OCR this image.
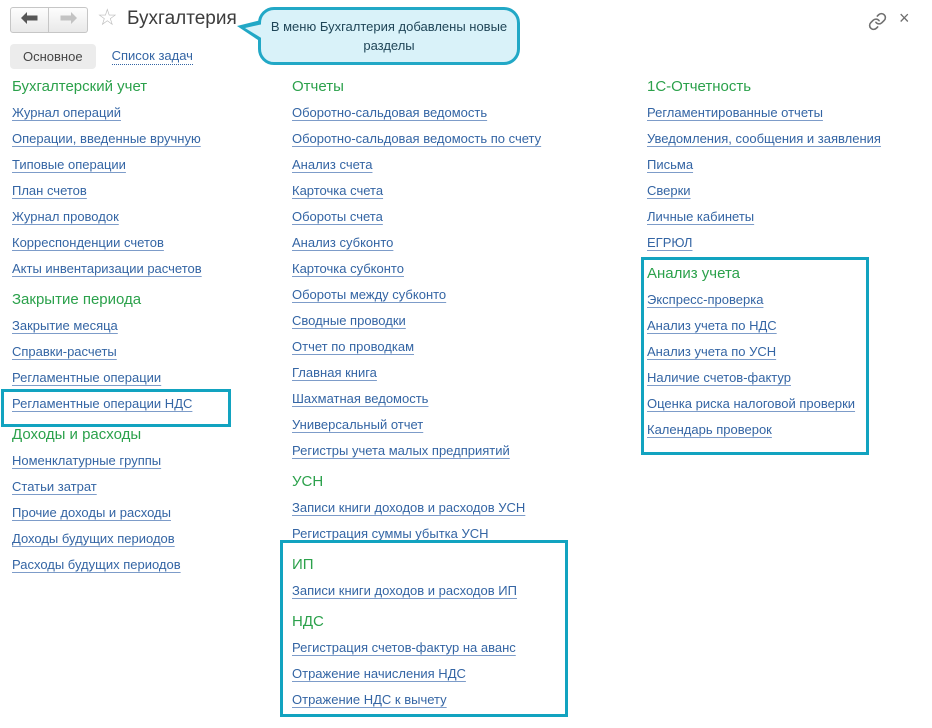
☆ Бухгалтерия	В меню Бухгалтерия добавлены новые разделы
×
Основное	Список задач
Бухгалтерский учет
Журнал операций
Операции, введенные вручную
Типовые операции
План счетов
Журнал проводок
Корреспонденции счетов
Акты инвентаризации расчетов
Закрытие периода
Закрытие месяца
Справки-расчеты
Регламентные операции
Регламентные операции НДС
Доходы и расходы
Номенклатурные группы
Статьи затрат
Прочие доходы и расходы
Доходы будущих периодов
Расходы будущих периодов
Отчеты
Оборотно-сальдовая ведомость
Оборотно-сальдовая ведомость по счету
Анализ счета
Карточка счета
Обороты счета
Анализ субконто
Карточка субконто
Обороты между субконто
Сводные проводки
Отчет по проводкам
Главная книга
Шахматная ведомость
Универсальный отчет
Регистры учета малых предприятий
УСН
Записи книги доходов и расходов УСН
Регистрация суммы убытка УСН
ИП
Записи книги доходов и расходов ИП
НДС
Регистрация счетов-фактур на аванс
Отражение начисления НДС
Отражение НДС к вычету
1С-Отчетность
Регламентированные отчеты
Уведомления, сообщения и заявления
Письма
Сверки
Личные кабинеты
ЕГРЮЛ
Анализ учета
Экспресс-проверка
Анализ учета по НДС
Анализ учета по УСН
Наличие счетов-фактур
Оценка риска налоговой проверки
Календарь проверок
